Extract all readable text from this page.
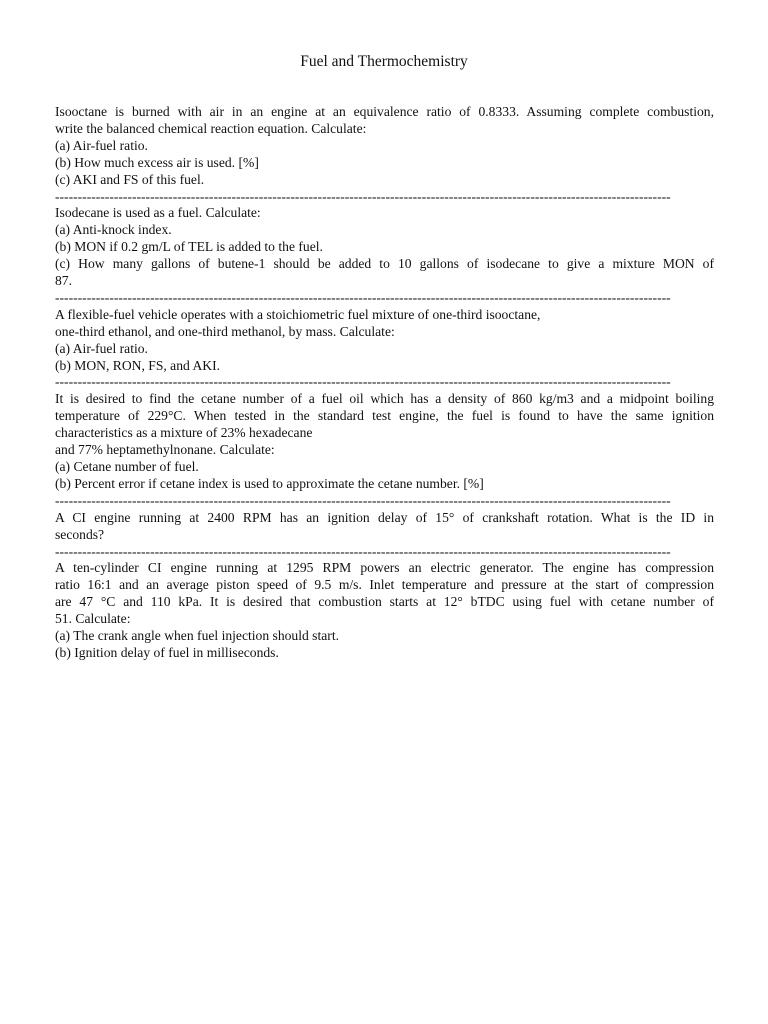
Fuel and Thermochemistry

Isooctane is burned with air in an engine at an equivalence ratio of 0.8333. Assuming complete combustion,

write the balanced chemical reaction equation. Calculate:

(a) Air-fuel ratio.

(b) How much excess air is used. [%]

(c) AKI and FS of this fuel.

----------------------------------------------------------------------------------------------------------------------------------------

Isodecane is used as a fuel. Calculate:

(a) Anti-knock index.

(b) MON if 0.2 gm/L of TEL is added to the fuel.

(c) How many gallons of butene-1 should be added to 10 gallons of isodecane to give a mixture MON of

87.

----------------------------------------------------------------------------------------------------------------------------------------

A flexible-fuel vehicle operates with a stoichiometric fuel mixture of one-third isooctane,

one-third ethanol, and one-third methanol, by mass. Calculate:

(a) Air-fuel ratio.

(b) MON, RON, FS, and AKI.

----------------------------------------------------------------------------------------------------------------------------------------

It is desired to find the cetane number of a fuel oil which has a density of 860 kg/m3 and a midpoint boiling

temperature of 229°C. When tested in the standard test engine, the fuel is found to have the same ignition

characteristics as a mixture of 23% hexadecane

and 77% heptamethylnonane. Calculate:

(a) Cetane number of fuel.

(b) Percent error if cetane index is used to approximate the cetane number. [%]

----------------------------------------------------------------------------------------------------------------------------------------

A CI engine running at 2400 RPM has an ignition delay of 15° of crankshaft rotation. What is the ID in

seconds?

----------------------------------------------------------------------------------------------------------------------------------------

A ten-cylinder CI engine running at 1295 RPM powers an electric generator. The engine has compression

ratio 16:1 and an average piston speed of 9.5 m/s. Inlet temperature and pressure at the start of compression

are 47 °C and 110 kPa. It is desired that combustion starts at 12° bTDC using fuel with cetane number of

51. Calculate:

(a) The crank angle when fuel injection should start.

(b) Ignition delay of fuel in milliseconds.
